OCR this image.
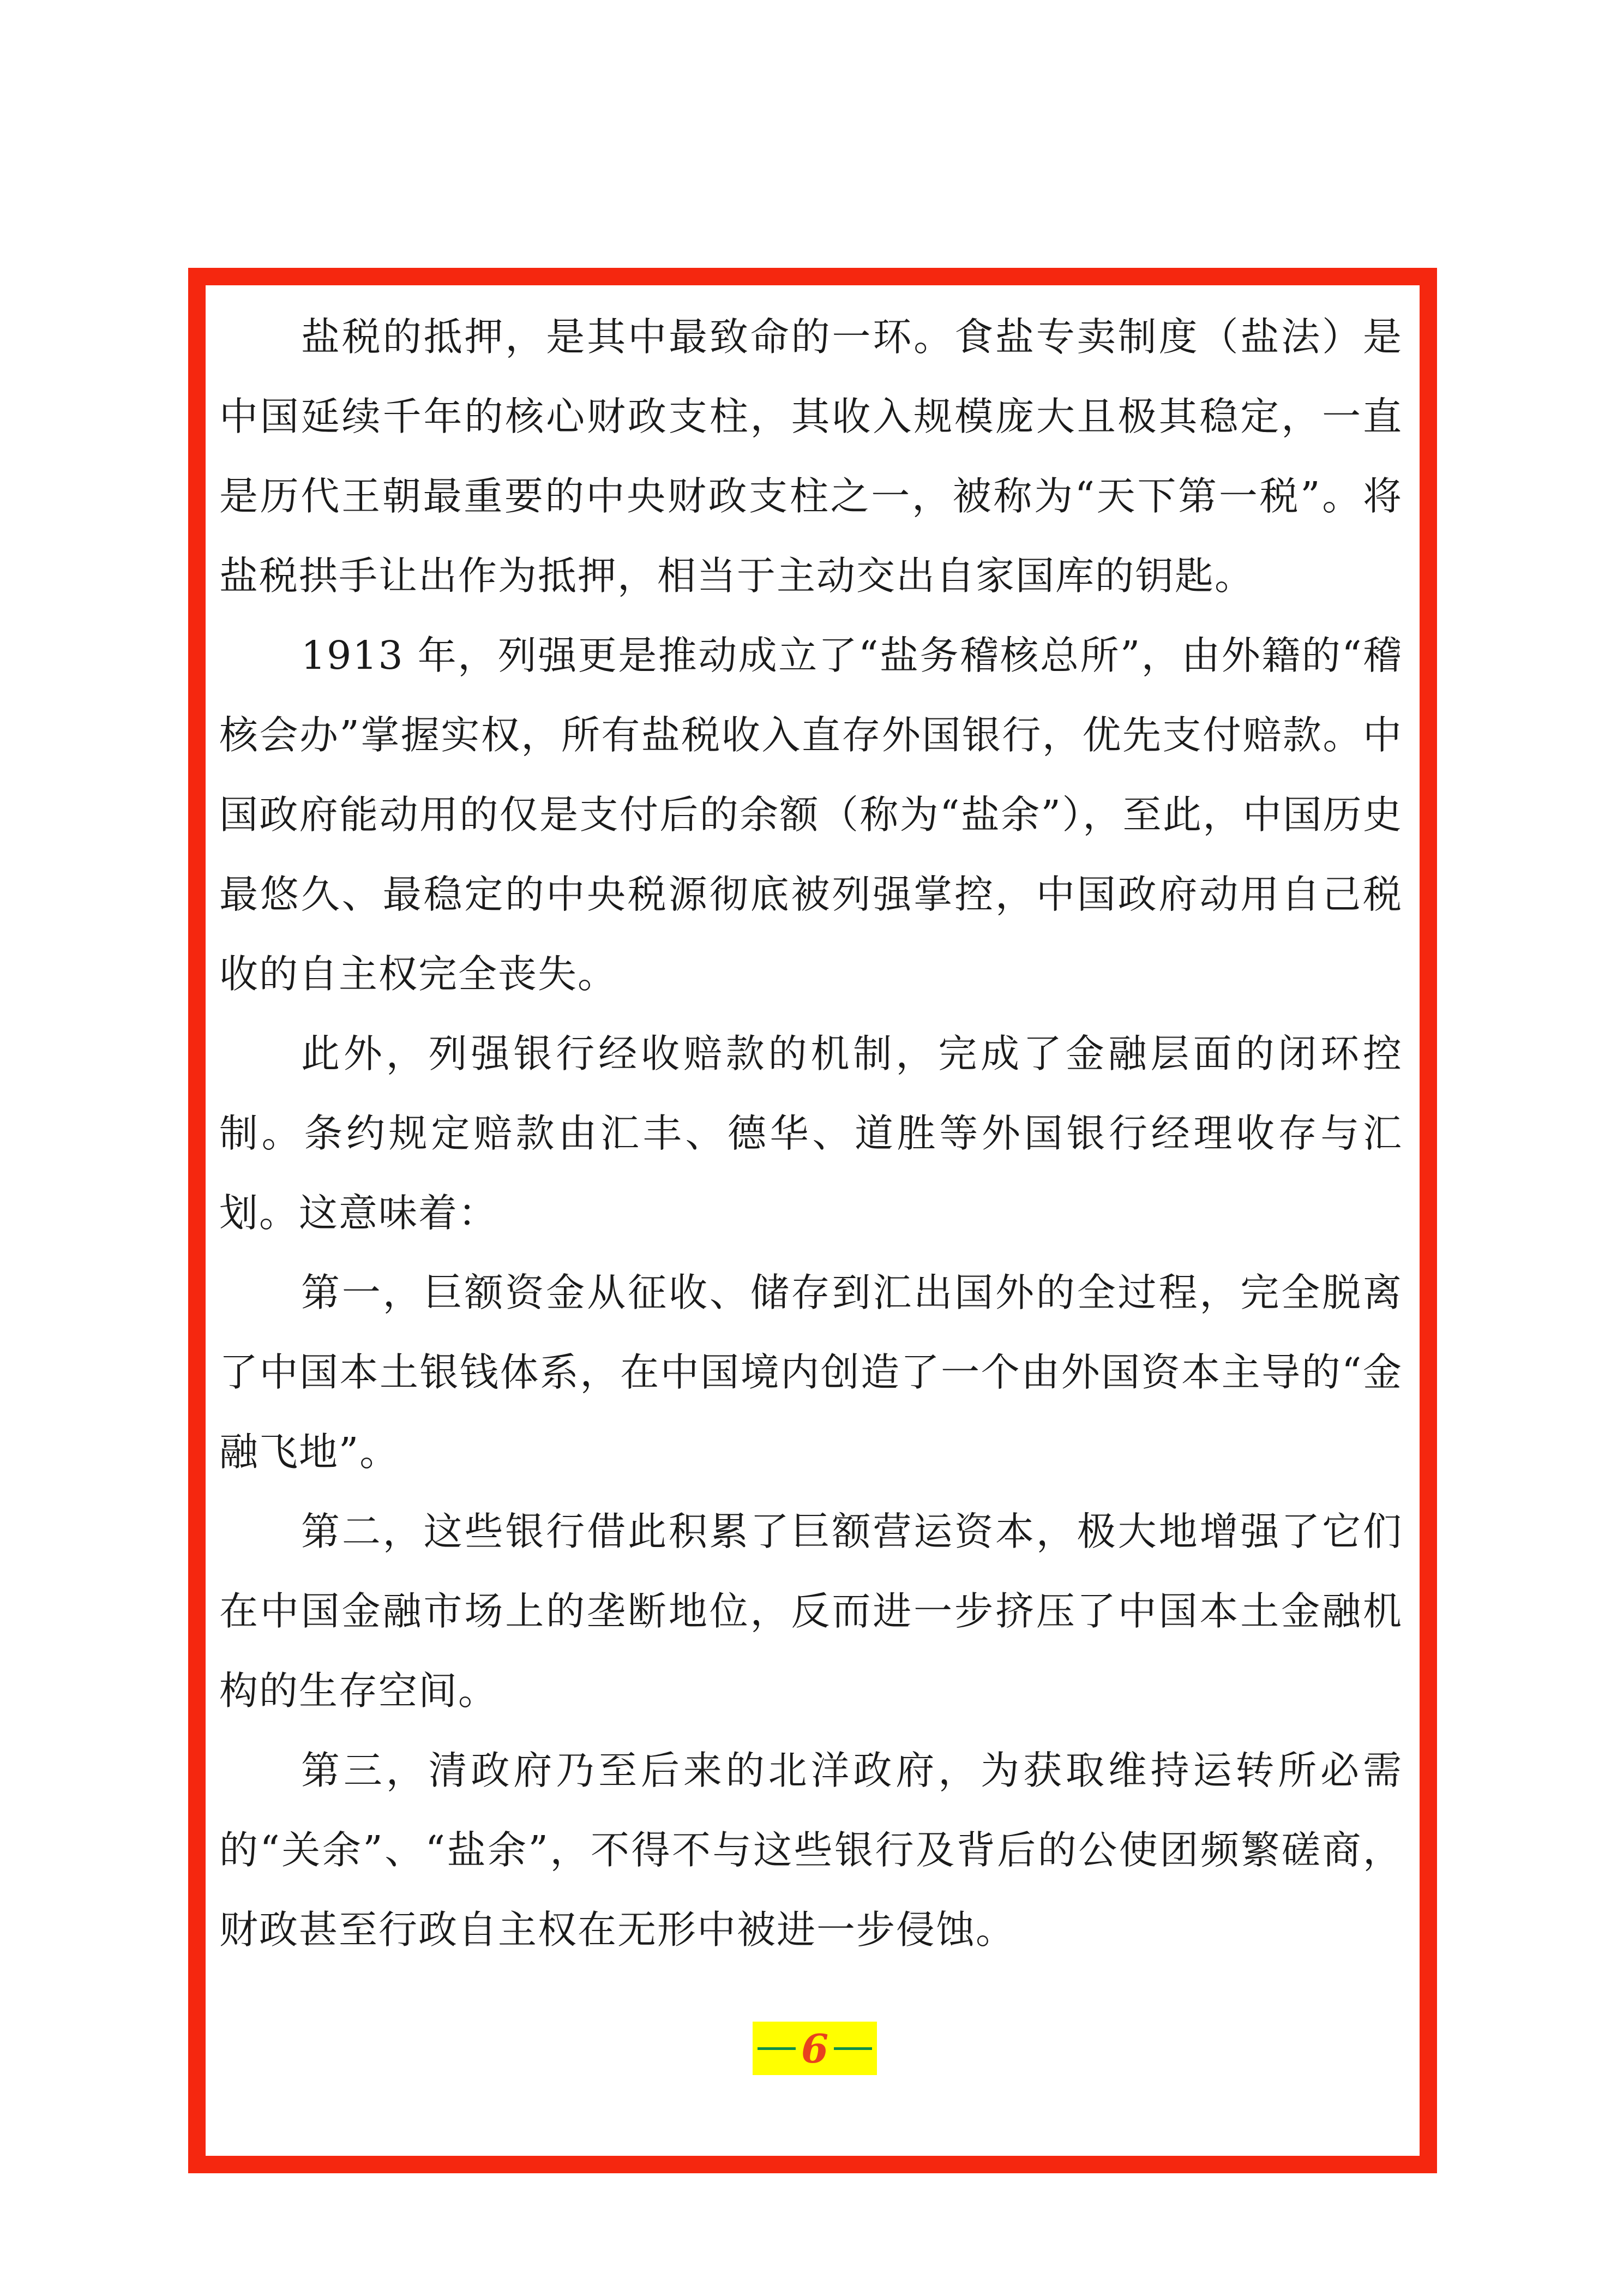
盐税的抵押，是其中最致命的一环。食盐专卖制度（盐法）是中国延续千年的核心财政支柱，其收入规模庞大且极其稳定，一直是历代王朝最重要的中央财政支柱之一，被称为“天下第一税”。将盐税拱手让出作为抵押，相当于主动交出自家国库的钥匙。

1913 年，列强更是推动成立了“盐务稽核总所”，由外籍的“稽核会办”掌握实权，所有盐税收入直存外国银行，优先支付赔款。中国政府能动用的仅是支付后的余额（称为“盐余”），至此，中国历史最悠久、最稳定的中央税源彻底被列强掌控，中国政府动用自己税收的自主权完全丧失。

此外，列强银行经收赔款的机制，完成了金融层面的闭环控制。条约规定赔款由汇丰、德华、道胜等外国银行经理收存与汇划。这意味着：

第一，巨额资金从征收、储存到汇出国外的全过程，完全脱离了中国本土银钱体系，在中国境内创造了一个由外国资本主导的“金融飞地”。

第二，这些银行借此积累了巨额营运资本，极大地增强了它们在中国金融市场上的垄断地位，反而进一步挤压了中国本土金融机构的生存空间。

第三，清政府乃至后来的北洋政府，为获取维持运转所必需的“关余”、“盐余”，不得不与这些银行及背后的公使团频繁磋商，财政甚至行政自主权在无形中被进一步侵蚀。

6
